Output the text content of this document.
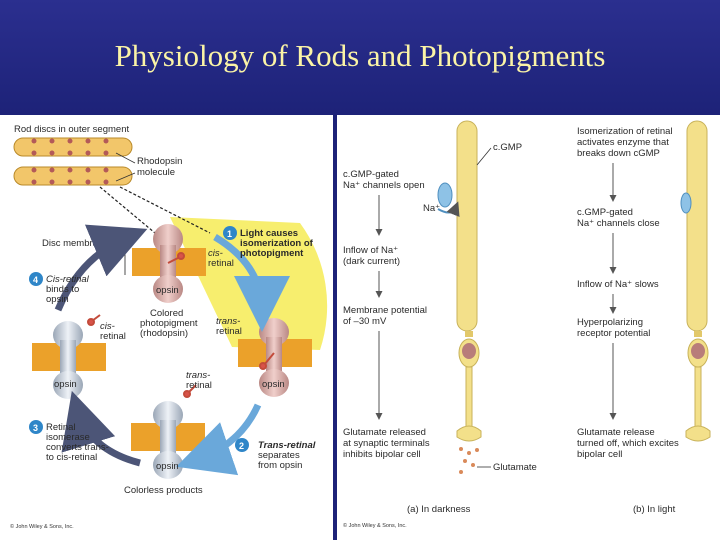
Physiology of Rods and Photopigments
Rod discs in outer segment
Rhodopsin
molecule
Disc membrane
1 Light causes
isomerization of
photopigment
2 Trans-retinal
separates
from opsin
3 Retinal
isomerase
converts trans-
to cis-retinal
4 Cis-retinal
binds to
opsin
cis-
retinal
cis-
retinal
trans-
retinal
trans-
retinal
opsin
opsin
opsin
opsin
Colored
photopigment
(rhodopsin)
Colorless products
© John Wiley & Sons, Inc.
c.GMP
Na⁺
Glutamate
c.GMP-gated
Na⁺ channels open
Inflow of Na⁺
(dark current)
Membrane potential
of –30 mV
Glutamate released
at synaptic terminals
inhibits bipolar cell
Isomerization of retinal
activates enzyme that
breaks down cGMP
c.GMP-gated
Na⁺ channels close
Inflow of Na⁺ slows
Hyperpolarizing
receptor potential
Glutamate release
turned off, which excites
bipolar cell
(a) In darkness	(b) In light
© John Wiley & Sons, Inc.
